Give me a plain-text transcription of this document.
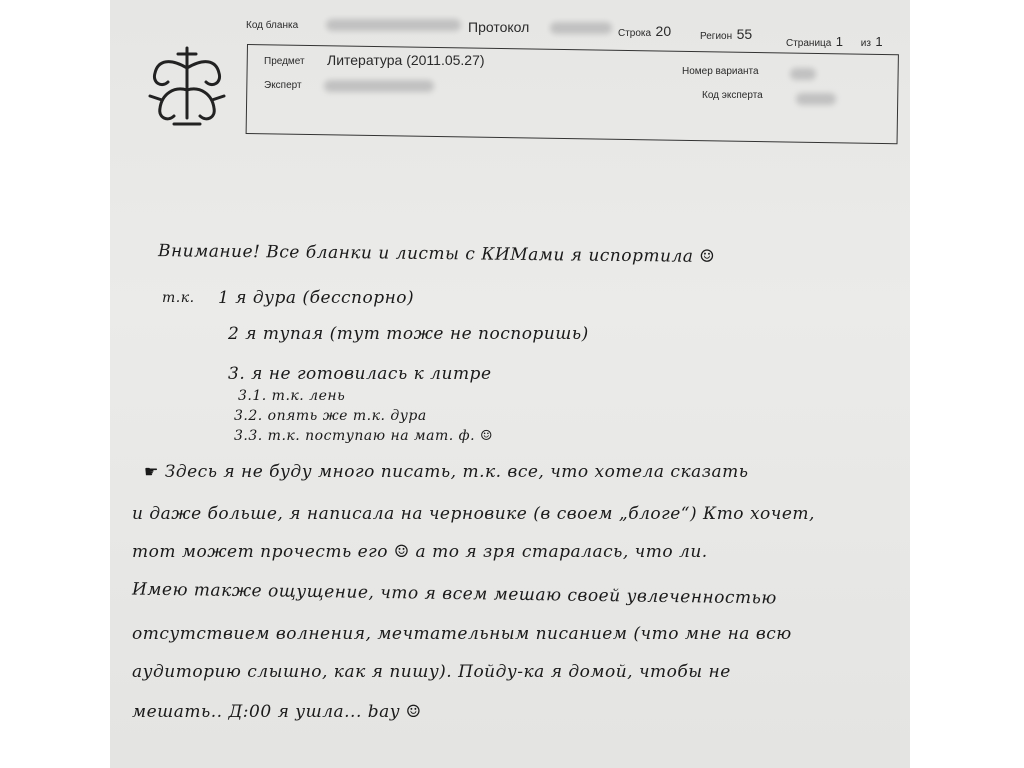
Код бланка	Протокол	Строка 20	Регион 55
Страница 1 из 1
Предмет Литература (2011.05.27)
Эксперт
Номер варианта
Код эксперта
Внимание! Все бланки и листы с КИМами я испортила ☺
т.к. 1 я дура (бесспорно)
2 я тупая (тут тоже не поспоришь)
3. я не готовилась к литре
3.1. т.к. лень
3.2. опять же т.к. дура
3.3. т.к. поступаю на мат. ф. ☺
☛ Здесь я не буду много писать, т.к. все, что хотела сказать
и даже больше, я написала на черновике (в своем „блоге“) Кто хочет,
тот может прочесть его ☺ а то я зря старалась, что ли.
Имею также ощущение, что я всем мешаю своей увлеченностью
отсутствием волнения, мечтательным писанием (что мне на всю
аудиторию слышно, как я пишу). Пойду-ка я домой, чтобы не
мешать.. Д:00 я ушла... bay ☺
